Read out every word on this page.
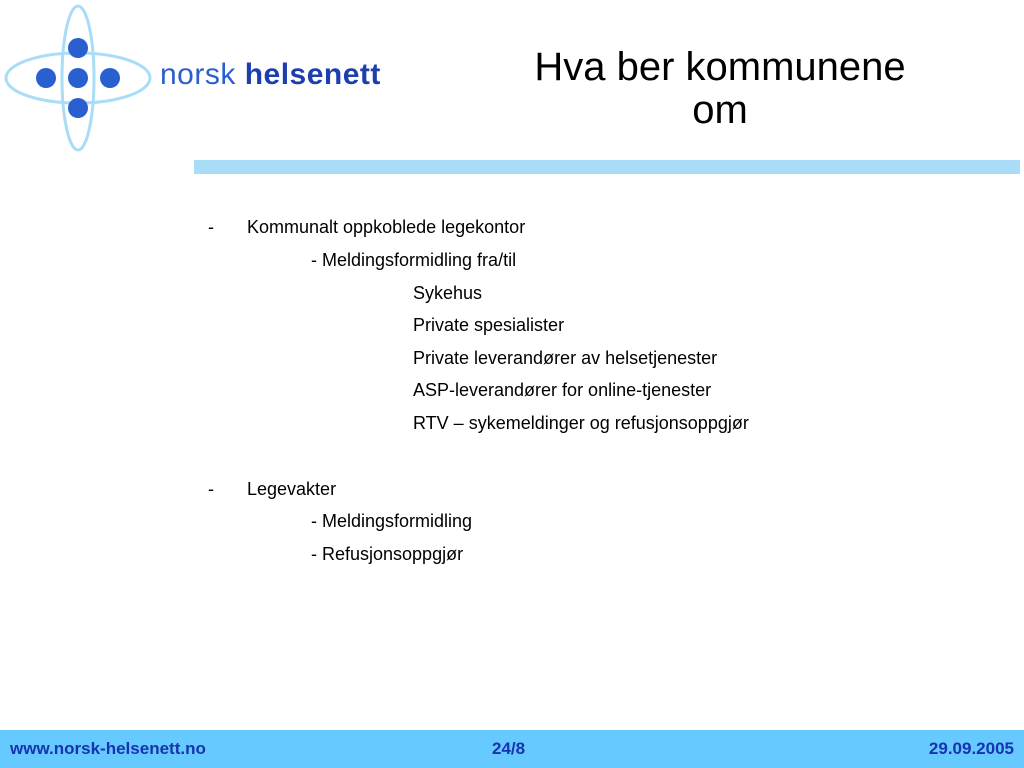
norsk helsenett	Hva ber kommunene
om
- Kommunalt oppkoblede legekontor
- Meldingsformidling fra/til
Sykehus
Private spesialister
Private leverandører av helsetjenester
ASP-leverandører for online-tjenester
RTV – sykemeldinger og refusjonsoppgjør
- Legevakter
- Meldingsformidling
- Refusjonsoppgjør
www.norsk-helsenett.no	24/8	29.09.2005
